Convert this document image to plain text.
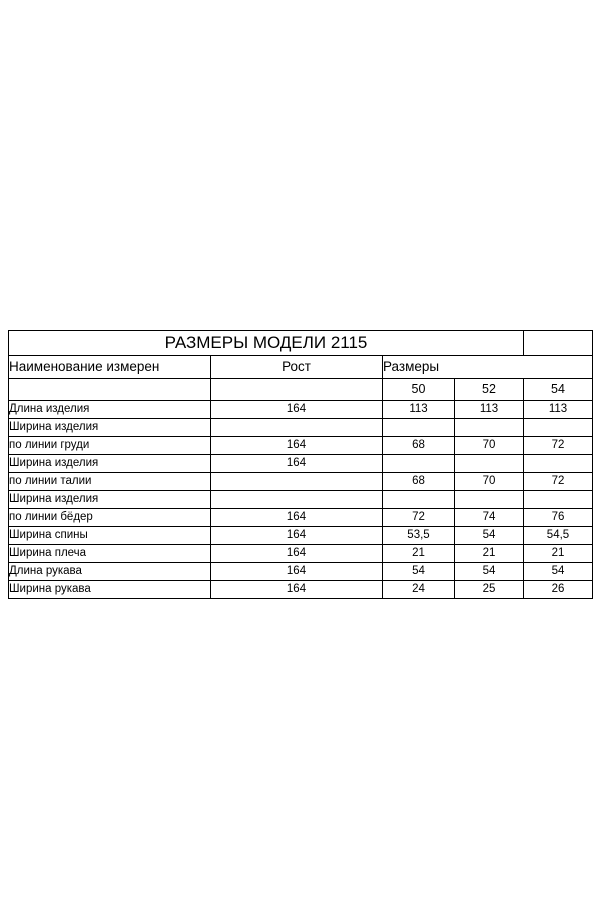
РАЗМЕРЫ МОДЕЛИ 2115				
Наименование измерен	Рост	Размеры		
		50	52	54
Длина изделия	164	113	113	113
Ширина изделия				
по линии груди	164	68	70	72
Ширина изделия	164			
по линии талии		68	70	72
Ширина изделия				
по линии бёдер	164	72	74	76
Ширина спины	164	53,5	54	54,5
Ширина плеча	164	21	21	21
Длина рукава	164	54	54	54
Ширина рукава	164	24	25	26
